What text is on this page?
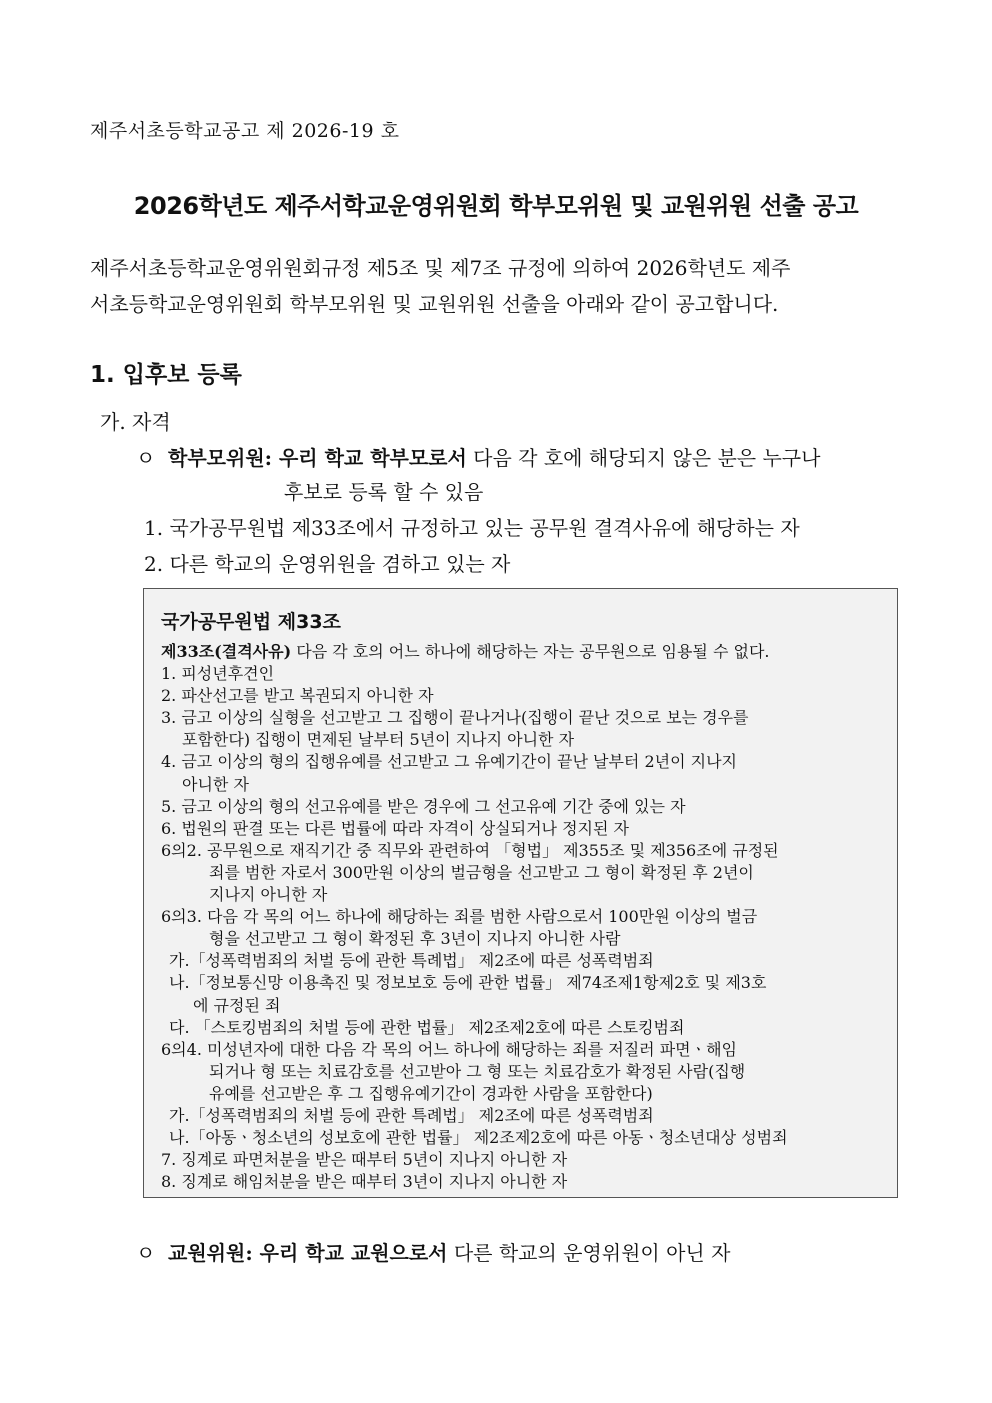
제주서초등학교공고 제 2026-19 호
2026학년도 제주서학교운영위원회 학부모위원 및 교원위원 선출 공고
제주서초등학교운영위원회규정 제5조 및 제7조 규정에 의하여 2026학년도 제주
서초등학교운영위원회 학부모위원 및 교원위원 선출을 아래와 같이 공고합니다.
1. 입후보 등록
가. 자격
ㅇ 학부모위원: 우리 학교 학부모로서 다음 각 호에 해당되지 않은 분은 누구나
후보로 등록 할 수 있음
1. 국가공무원법 제33조에서 규정하고 있는 공무원 결격사유에 해당하는 자
2. 다른 학교의 운영위원을 겸하고 있는 자
국가공무원법 제33조
제33조(결격사유) 다음 각 호의 어느 하나에 해당하는 자는 공무원으로 임용될 수 없다.
1. 피성년후견인
2. 파산선고를 받고 복권되지 아니한 자
3. 금고 이상의 실형을 선고받고 그 집행이 끝나거나(집행이 끝난 것으로 보는 경우를
포함한다) 집행이 면제된 날부터 5년이 지나지 아니한 자
4. 금고 이상의 형의 집행유예를 선고받고 그 유예기간이 끝난 날부터 2년이 지나지
아니한 자
5. 금고 이상의 형의 선고유예를 받은 경우에 그 선고유예 기간 중에 있는 자
6. 법원의 판결 또는 다른 법률에 따라 자격이 상실되거나 정지된 자
6의2. 공무원으로 재직기간 중 직무와 관련하여 「형법」 제355조 및 제356조에 규정된
죄를 범한 자로서 300만원 이상의 벌금형을 선고받고 그 형이 확정된 후 2년이
지나지 아니한 자
6의3. 다음 각 목의 어느 하나에 해당하는 죄를 범한 사람으로서 100만원 이상의 벌금
형을 선고받고 그 형이 확정된 후 3년이 지나지 아니한 사람
가.「성폭력범죄의 처벌 등에 관한 특례법」 제2조에 따른 성폭력범죄
나.「정보통신망 이용촉진 및 정보보호 등에 관한 법률」 제74조제1항제2호 및 제3호
에 규정된 죄
다. 「스토킹범죄의 처벌 등에 관한 법률」 제2조제2호에 따른 스토킹범죄
6의4. 미성년자에 대한 다음 각 목의 어느 하나에 해당하는 죄를 저질러 파면ㆍ해임
되거나 형 또는 치료감호를 선고받아 그 형 또는 치료감호가 확정된 사람(집행
유예를 선고받은 후 그 집행유예기간이 경과한 사람을 포함한다)
가.「성폭력범죄의 처벌 등에 관한 특례법」 제2조에 따른 성폭력범죄
나.「아동ㆍ청소년의 성보호에 관한 법률」 제2조제2호에 따른 아동ㆍ청소년대상 성범죄
7. 징계로 파면처분을 받은 때부터 5년이 지나지 아니한 자
8. 징계로 해임처분을 받은 때부터 3년이 지나지 아니한 자
ㅇ 교원위원: 우리 학교 교원으로서 다른 학교의 운영위원이 아닌 자
